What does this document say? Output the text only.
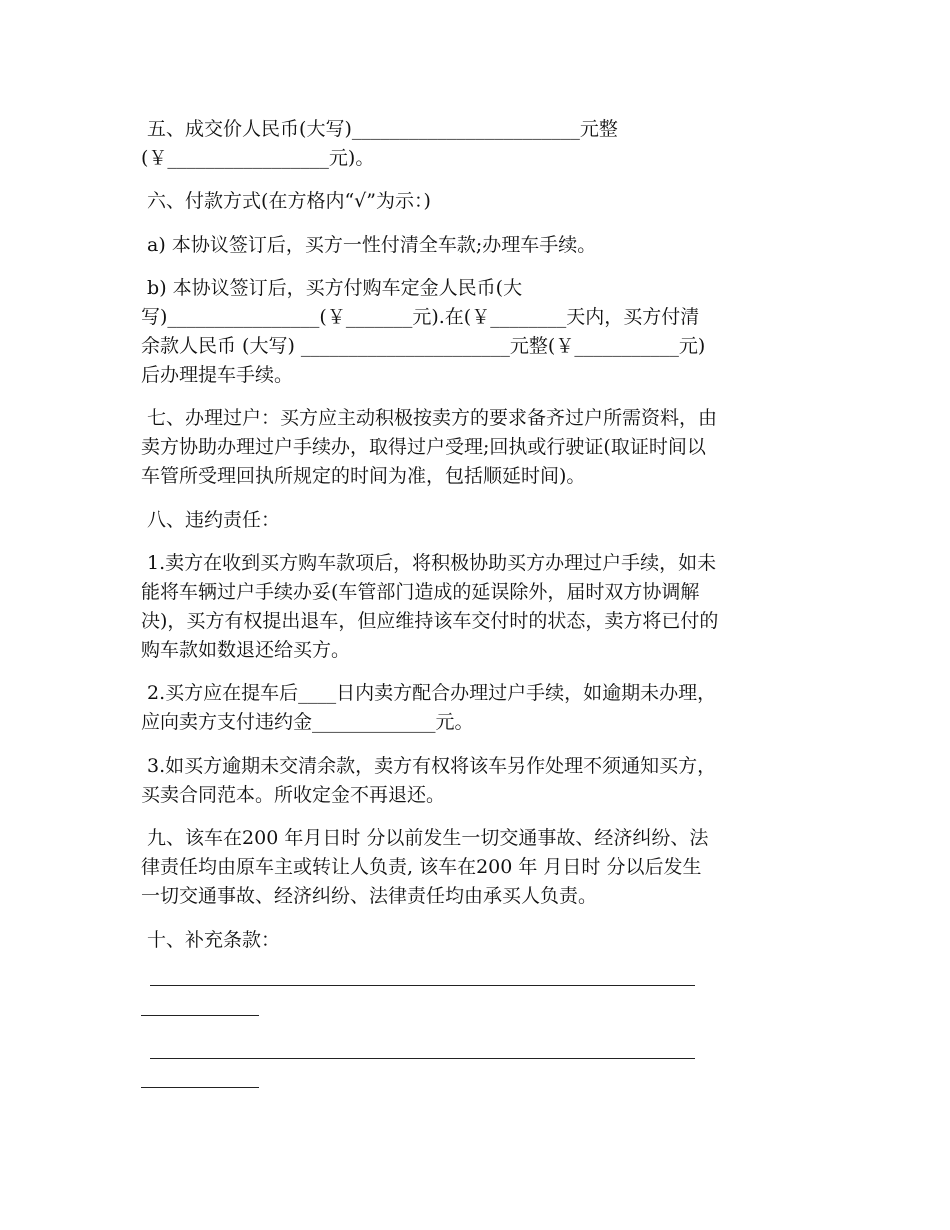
五、成交价人民币(大写)________________________元整
(￥_________________元)。
六、付款方式(在方格内“√”为示：)
a) 本协议签订后，买方一性付清全车款;办理车手续。
b) 本协议签订后，买方付购车定金人民币(大
写)________________(￥_______元).在(￥________天内，买方付清
余款人民币 (大写) ______________________元整(￥___________元)
后办理提车手续。
七、办理过户：买方应主动积极按卖方的要求备齐过户所需资料，由
卖方协助办理过户手续办，取得过户受理;回执或行驶证(取证时间以
车管所受理回执所规定的时间为准，包括顺延时间)。
八、违约责任：
1.卖方在收到买方购车款项后，将积极协助买方办理过户手续，如未
能将车辆过户手续办妥(车管部门造成的延误除外，届时双方协调解
决)，买方有权提出退车，但应维持该车交付时的状态，卖方将已付的
购车款如数退还给买方。
2.买方应在提车后____日内卖方配合办理过户手续，如逾期未办理，
应向卖方支付违约金_____________元。
3.如买方逾期未交清余款，卖方有权将该车另作处理不须通知买方，
买卖合同范本。所收定金不再退还。
九、该车在200 年月日时 分以前发生一切交通事故、经济纠纷、法
律责任均由原车主或转让人负责, 该车在200 年 月日时 分以后发生
一切交通事故、经济纠纷、法律责任均由承买人负责。
十、补充条款：
